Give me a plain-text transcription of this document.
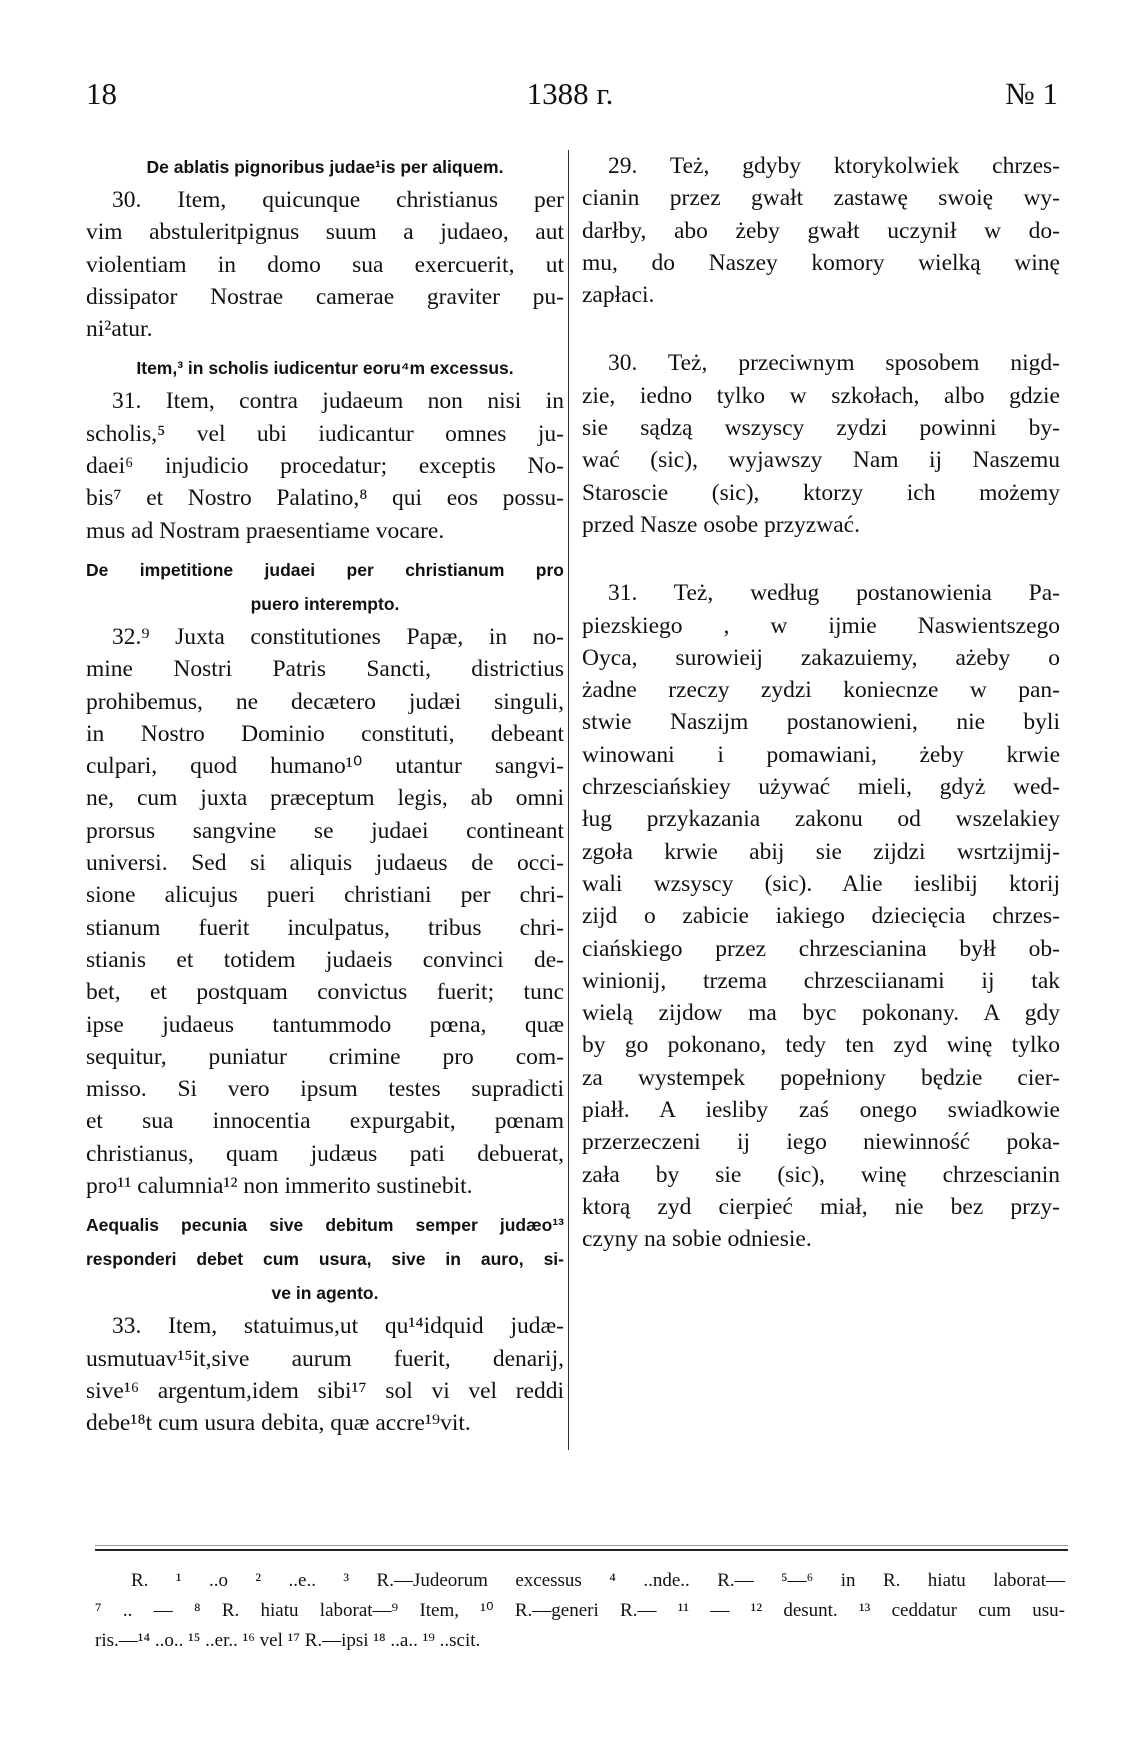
18	1388 г.	№ 1
De ablatis pignoribus judae¹is per aliquem.
30. Item, quicunque christianus per
vim abstuleritpignus suum a judaeo, aut
violentiam in domo sua exercuerit, ut
dissipator Nostrae camerae graviter pu-
ni²atur.
Item,³ in scholis iudicentur eoru⁴m excessus.
31. Item, contra judaeum non nisi in
scholis,⁵ vel ubi iudicantur omnes ju-
daei⁶ injudicio procedatur; exceptis No-
bis⁷ et Nostro Palatino,⁸ qui eos possu-
mus ad Nostram praesentiame vocare.
De impetitione judaei per christianum pro
puero interempto.
32.⁹ Juxta constitutiones Papæ, in no-
mine Nostri Patris Sancti, districtius
prohibemus, ne decætero judæi singuli,
in Nostro Dominio constituti, debeant
culpari, quod humano¹⁰ utantur sangvi-
ne, cum juxta præceptum legis, ab omni
prorsus sangvine se judaei contineant
universi. Sed si aliquis judaeus de occi-
sione alicujus pueri christiani per chri-
stianum fuerit inculpatus, tribus chri-
stianis et totidem judaeis convinci de-
bet, et postquam convictus fuerit; tunc
ipse judaeus tantummodo pœna, quæ
sequitur, puniatur crimine pro com-
misso. Si vero ipsum testes supradicti
et sua innocentia expurgabit, pœnam
christianus, quam judæus pati debuerat,
pro¹¹ calumnia¹² non immerito sustinebit.
Aequalis pecunia sive debitum semper judæo¹³
responderi debet cum usura, sive in auro, si-
ve in agento.
33. Item, statuimus,ut qu¹⁴idquid judæ-
usmutuav¹⁵it,sive aurum fuerit, denarij,
sive¹⁶ argentum,idem sibi¹⁷ sol vi vel reddi
debe¹⁸t cum usura debita, quæ accre¹⁹vit.
29. Też, gdyby ktorykolwiek chrzes-
cianin przez gwałt zastawę swoię wy-
darłby, abo żeby gwałt uczynił w do-
mu, do Naszey komory wielką winę
zapłaci.
30. Też, przeciwnym sposobem nigd-
zie, iedno tylko w szkołach, albo gdzie
sie sądzą wszyscy zydzi powinni by-
wać (sic), wyjawszy Nam ij Naszemu
Staroscie (sic), ktorzy ich możemy
przed Nasze osobe przyzwać.
31. Też, według postanowienia Pa-
piezskiego , w ijmie Naswientszego
Oyca, surowieij zakazuiemy, ażeby o
żadne rzeczy zydzi koniecnze w pan-
stwie Naszijm postanowieni, nie byli
winowani i pomawiani, żeby krwie
chrzesciańskiey używać mieli, gdyż wed-
ług przykazania zakonu od wszelakiey
zgoła krwie abij sie zijdzi wsrtzijmij-
wali wzsyscy (sic). Alie ieslibij ktorij
zijd o zabicie iakiego dziecięcia chrzes-
ciańskiego przez chrzescianina byłł ob-
winionij, trzema chrzesciianami ij tak
wielą zijdow ma byc pokonany. A gdy
by go pokonano, tedy ten zyd winę tylko
za wystempek popełniony będzie cier-
piałł. A iesliby zaś onego swiadkowie
przerzeczeni ij iego niewinność poka-
zała by sie (sic), winę chrzescianin
ktorą zyd cierpieć miał, nie bez przy-
czyny na sobie odniesie.
R. ¹ ..o ² ..e.. ³ R.—Judeorum excessus ⁴ ..nde.. R.— ⁵—⁶ in R. hiatu laborat—
⁷ .. — ⁸ R. hiatu laborat—⁹ Item, ¹⁰ R.—generi R.— ¹¹ — ¹² desunt. ¹³ ceddatur cum usu-
ris.—¹⁴ ..o.. ¹⁵ ..er.. ¹⁶ vel ¹⁷ R.—ipsi ¹⁸ ..a.. ¹⁹ ..scit.
